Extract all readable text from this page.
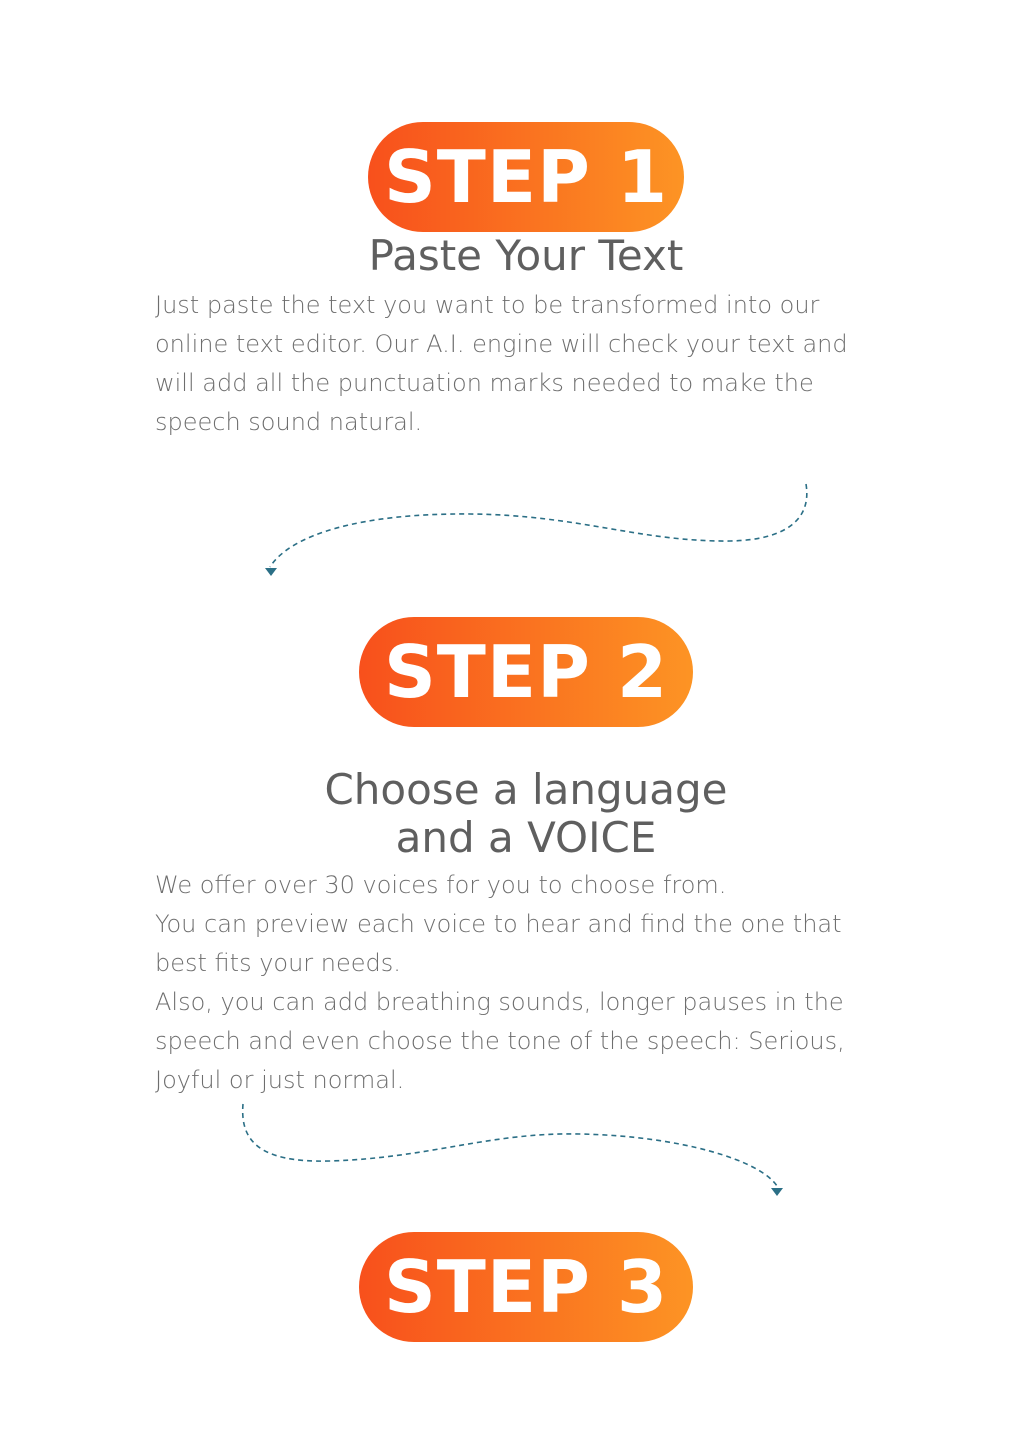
STEP 1
Paste Your Text
Just paste the text you want to be transformed into our
online text editor. Our A.I. engine will check your text and
will add all the punctuation marks needed to make the
speech sound natural.
STEP 2
Choose a language
and a VOICE
We offer over 30 voices for you to choose from.
You can preview each voice to hear and find the one that
best fits your needs.
Also, you can add breathing sounds, longer pauses in the
speech and even choose the tone of the speech: Serious,
Joyful or just normal.
STEP 3
